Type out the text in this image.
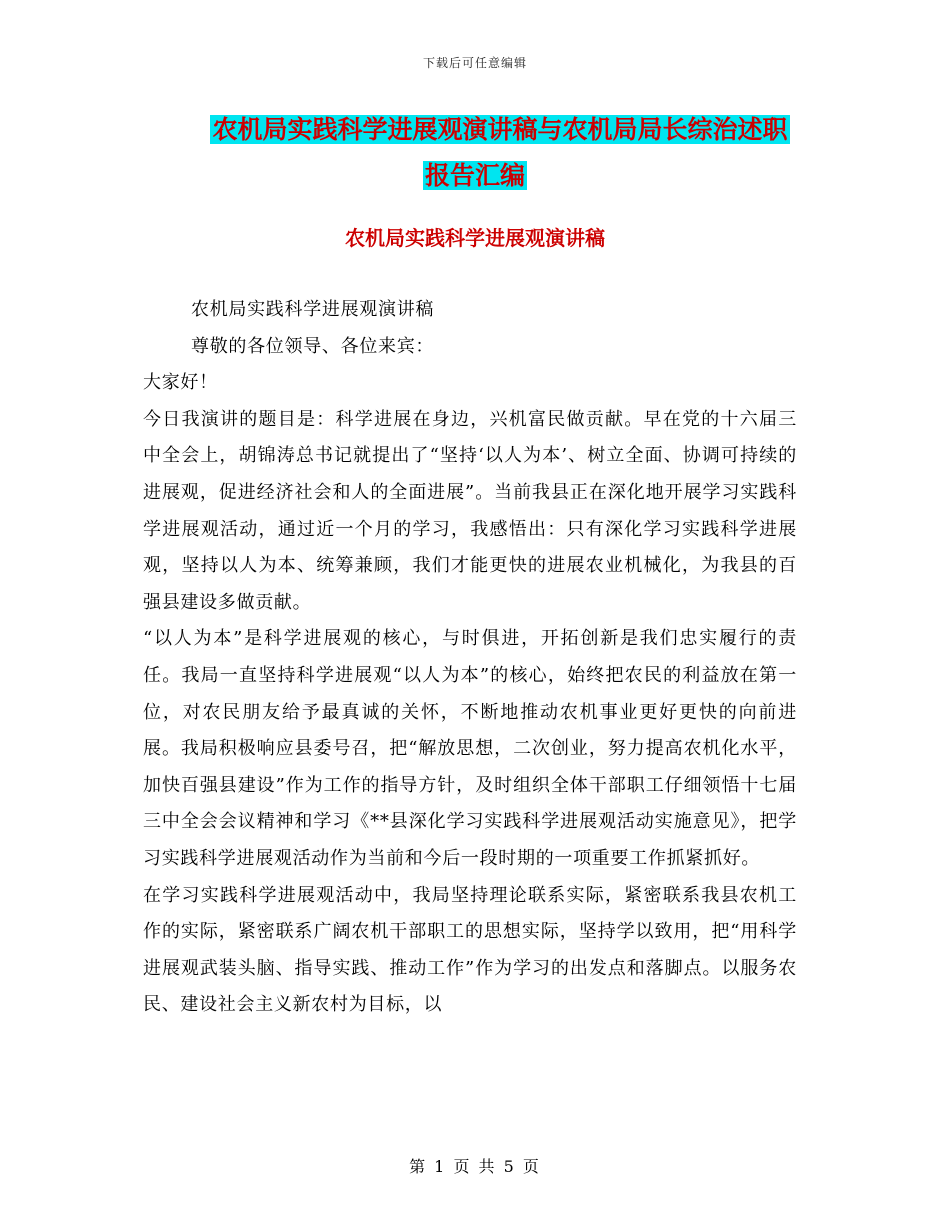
下载后可任意编辑
农机局实践科学进展观演讲稿与农机局局长综治述职
报告汇编
农机局实践科学进展观演讲稿

农机局实践科学进展观演讲稿

尊敬的各位领导、各位来宾：

大家好！

今日我演讲的题目是：科学进展在身边，兴机富民做贡献。早在党的十六届三中全会上，胡锦涛总书记就提出了“坚持‘以人为本’、树立全面、协调可持续的进展观，促进经济社会和人的全面进展”。当前我县正在深化地开展学习实践科学进展观活动，通过近一个月的学习，我感悟出：只有深化学习实践科学进展观，坚持以人为本、统筹兼顾，我们才能更快的进展农业机械化，为我县的百强县建设多做贡献。

“以人为本”是科学进展观的核心，与时俱进，开拓创新是我们忠实履行的责任。我局一直坚持科学进展观“以人为本”的核心，始终把农民的利益放在第一位，对农民朋友给予最真诚的关怀，不断地推动农机事业更好更快的向前进展。我局积极响应县委号召，把“解放思想，二次创业，努力提高农机化水平，加快百强县建设”作为工作的指导方针，及时组织全体干部职工仔细领悟十七届三中全会会议精神和学习《**县深化学习实践科学进展观活动实施意见》，把学习实践科学进展观活动作为当前和今后一段时期的一项重要工作抓紧抓好。

在学习实践科学进展观活动中，我局坚持理论联系实际，紧密联系我县农机工作的实际，紧密联系广阔农机干部职工的思想实际，坚持学以致用，把“用科学进展观武装头脑、指导实践、推动工作”作为学习的出发点和落脚点。以服务农民、建设社会主义新农村为目标，以

第 1 页 共 5 页
